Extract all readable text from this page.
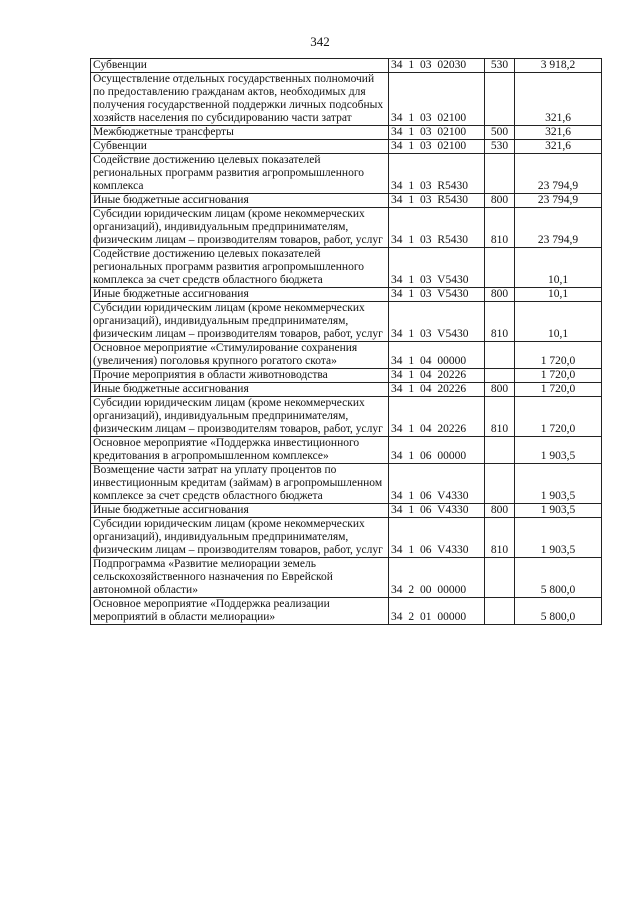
342
Субвенции	34 1 03 02030	530	3 918,2
Осуществление отдельных государственных полномочий по предоставлению гражданам актов, необходимых для получения государственной поддержки личных подсобных хозяйств населения по субсидированию части затрат	34 1 03 02100		321,6
Межбюджетные трансферты	34 1 03 02100	500	321,6
Субвенции	34 1 03 02100	530	321,6
Содействие достижению целевых показателей региональных программ развития агропромышленного комплекса	34 1 03 R5430		23 794,9
Иные бюджетные ассигнования	34 1 03 R5430	800	23 794,9
Субсидии юридическим лицам (кроме некоммерческих организаций), индивидуальным предпринимателям, физическим лицам – производителям товаров, работ, услуг	34 1 03 R5430	810	23 794,9
Содействие достижению целевых показателей региональных программ развития агропромышленного комплекса за счет средств областного бюджета	34 1 03 V5430		10,1
Иные бюджетные ассигнования	34 1 03 V5430	800	10,1
Субсидии юридическим лицам (кроме некоммерческих организаций), индивидуальным предпринимателям, физическим лицам – производителям товаров, работ, услуг	34 1 03 V5430	810	10,1
Основное мероприятие «Стимулирование сохранения (увеличения) поголовья крупного рогатого скота»	34 1 04 00000		1 720,0
Прочие мероприятия в области животноводства	34 1 04 20226		1 720,0
Иные бюджетные ассигнования	34 1 04 20226	800	1 720,0
Субсидии юридическим лицам (кроме некоммерческих организаций), индивидуальным предпринимателям, физическим лицам – производителям товаров, работ, услуг	34 1 04 20226	810	1 720,0
Основное мероприятие «Поддержка инвестиционного кредитования в агропромышленном комплексе»	34 1 06 00000		1 903,5
Возмещение части затрат на уплату процентов по инвестиционным кредитам (займам) в агропромышленном комплексе за счет средств областного бюджета	34 1 06 V4330		1 903,5
Иные бюджетные ассигнования	34 1 06 V4330	800	1 903,5
Субсидии юридическим лицам (кроме некоммерческих организаций), индивидуальным предпринимателям, физическим лицам – производителям товаров, работ, услуг	34 1 06 V4330	810	1 903,5
Подпрограмма «Развитие мелиорации земель сельскохозяйственного назначения по Еврейской автономной области»	34 2 00 00000		5 800,0
Основное мероприятие «Поддержка реализации мероприятий в области мелиорации»	34 2 01 00000		5 800,0
